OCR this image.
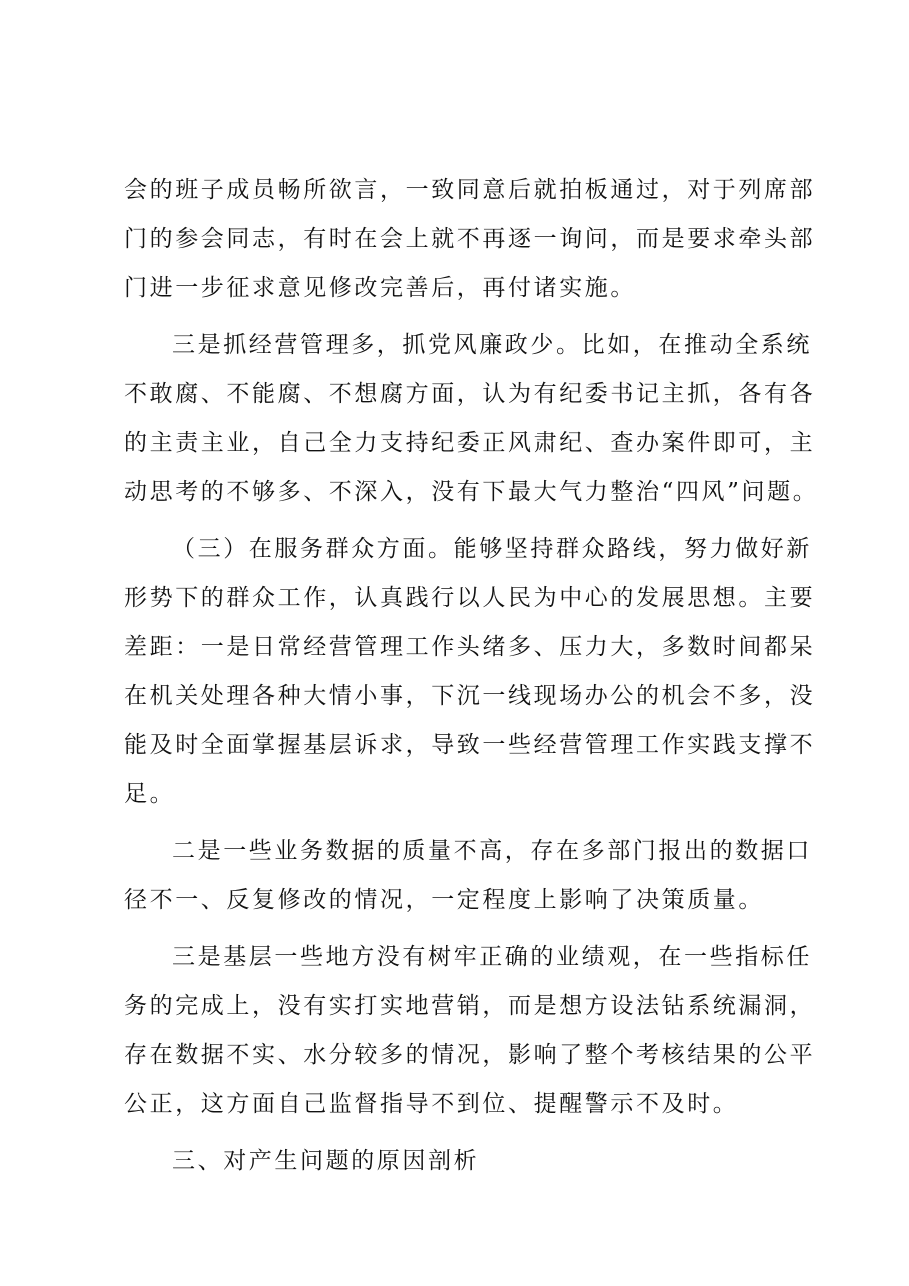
会的班子成员畅所欲言，一致同意后就拍板通过，对于列席部
门的参会同志，有时在会上就不再逐一询问，而是要求牵头部
门进一步征求意见修改完善后，再付诸实施。

三是抓经营管理多，抓党风廉政少。比如，在推动全系统
不敢腐、不能腐、不想腐方面，认为有纪委书记主抓，各有各
的主责主业，自己全力支持纪委正风肃纪、查办案件即可，主
动思考的不够多、不深入，没有下最大气力整治“四风”问题。

（三）在服务群众方面。能够坚持群众路线，努力做好新
形势下的群众工作，认真践行以人民为中心的发展思想。主要
差距：一是日常经营管理工作头绪多、压力大，多数时间都呆
在机关处理各种大情小事，下沉一线现场办公的机会不多，没
能及时全面掌握基层诉求，导致一些经营管理工作实践支撑不
足。

二是一些业务数据的质量不高，存在多部门报出的数据口
径不一、反复修改的情况，一定程度上影响了决策质量。

三是基层一些地方没有树牢正确的业绩观，在一些指标任
务的完成上，没有实打实地营销，而是想方设法钻系统漏洞，
存在数据不实、水分较多的情况，影响了整个考核结果的公平
公正，这方面自己监督指导不到位、提醒警示不及时。

三、对产生问题的原因剖析
